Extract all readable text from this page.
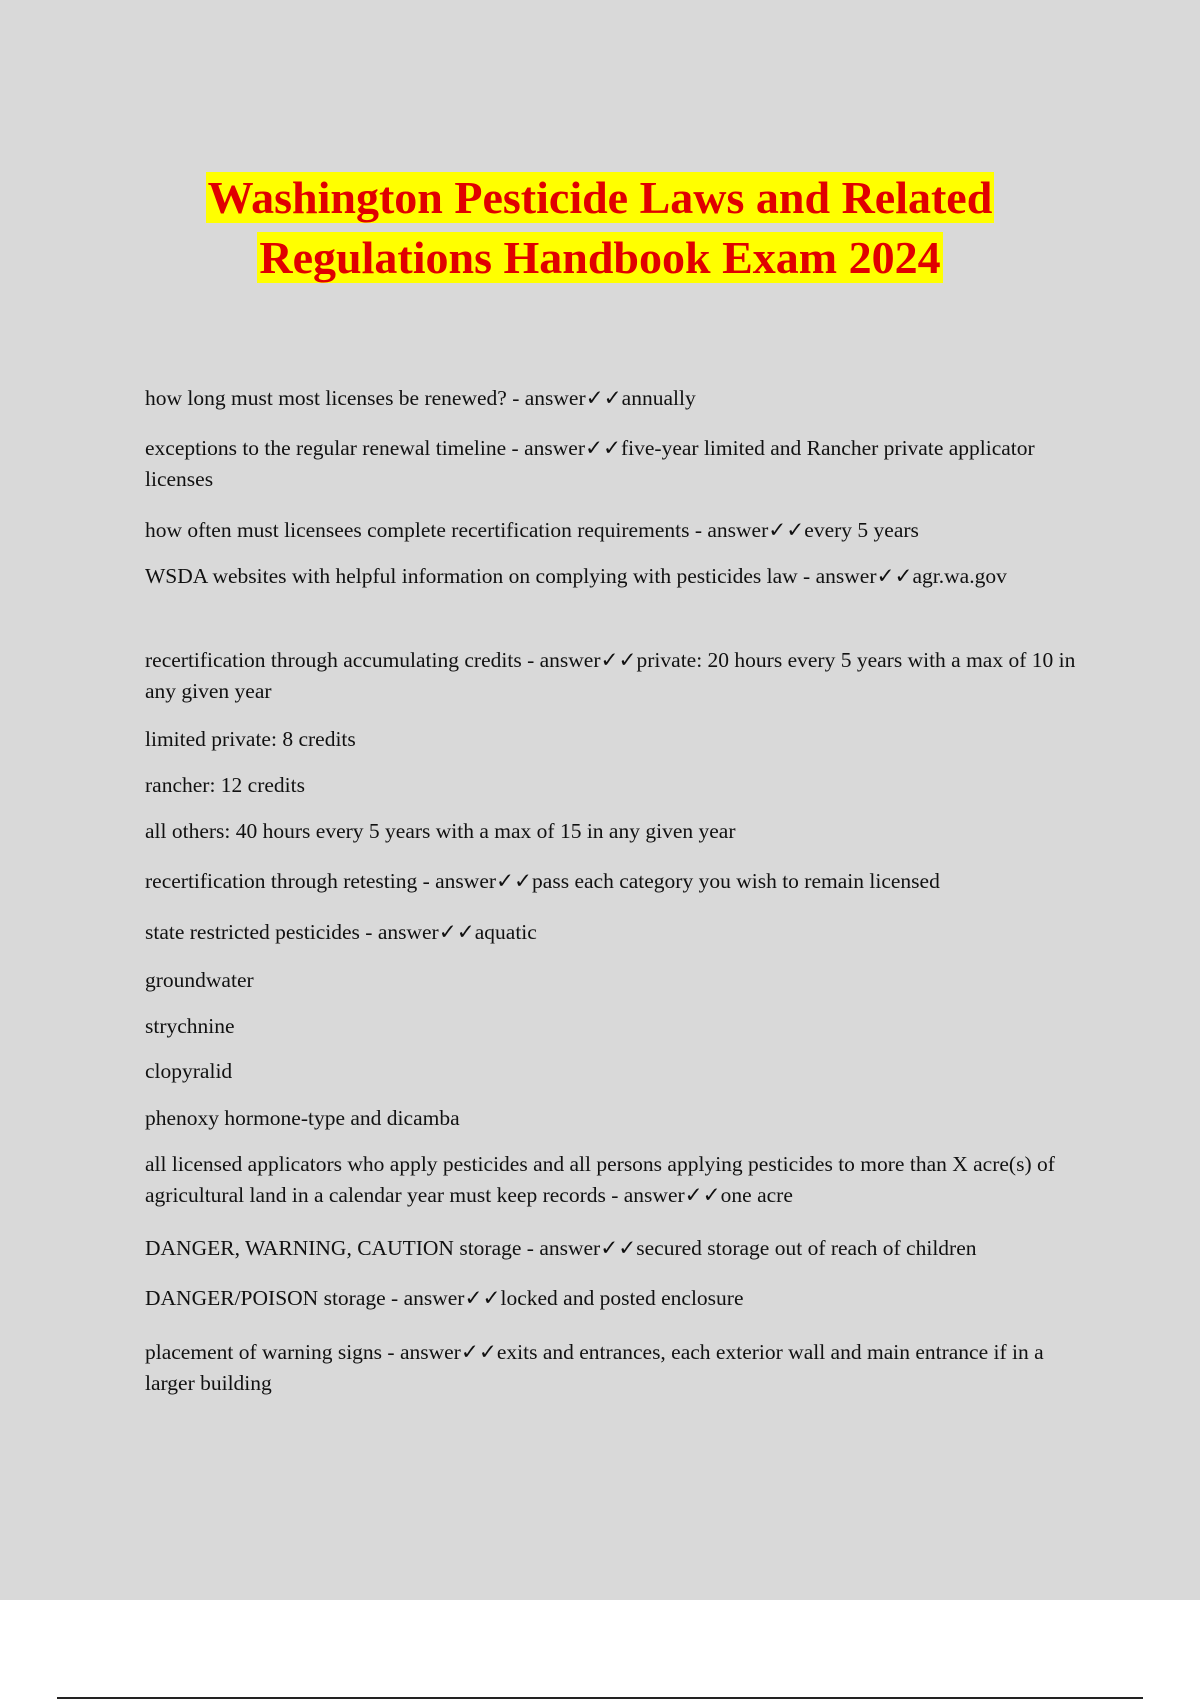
Washington Pesticide Laws and Related
Regulations Handbook Exam 2024
how long must most licenses be renewed? - answer✓✓annually
exceptions to the regular renewal timeline - answer✓✓five-year limited and Rancher private applicator licenses
how often must licensees complete recertification requirements - answer✓✓every 5 years
WSDA websites with helpful information on complying with pesticides law - answer✓✓agr.wa.gov
recertification through accumulating credits - answer✓✓private: 20 hours every 5 years with a max of 10 in any given year
limited private: 8 credits
rancher: 12 credits
all others: 40 hours every 5 years with a max of 15 in any given year
recertification through retesting - answer✓✓pass each category you wish to remain licensed
state restricted pesticides - answer✓✓aquatic
groundwater
strychnine
clopyralid
phenoxy hormone-type and dicamba
all licensed applicators who apply pesticides and all persons applying pesticides to more than X acre(s) of agricultural land in a calendar year must keep records - answer✓✓one acre
DANGER, WARNING, CAUTION storage - answer✓✓secured storage out of reach of children
DANGER/POISON storage - answer✓✓locked and posted enclosure
placement of warning signs - answer✓✓exits and entrances, each exterior wall and main entrance if in a larger building
